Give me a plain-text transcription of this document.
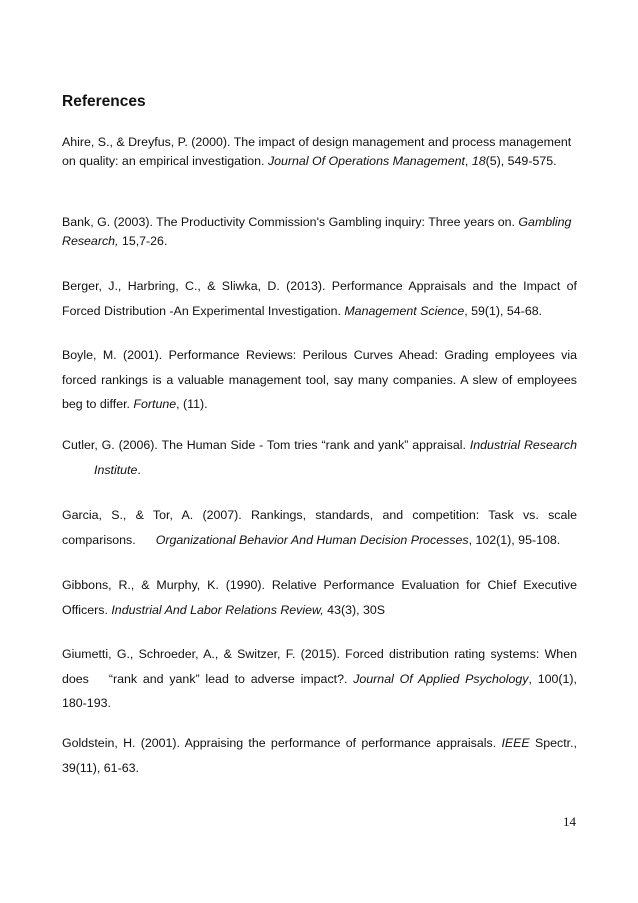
References

Ahire, S., & Dreyfus, P. (2000). The impact of design management and process management on quality: an empirical investigation. Journal Of Operations Management, 18(5), 549-575.

Bank, G. (2003). The Productivity Commission's Gambling inquiry: Three years on. Gambling Research, 15,7-26.

Berger, J., Harbring, C., & Sliwka, D. (2013). Performance Appraisals and the Impact of Forced Distribution -An Experimental Investigation. Management Science, 59(1), 54-68.

Boyle, M. (2001). Performance Reviews: Perilous Curves Ahead: Grading employees via forced rankings is a valuable management tool, say many companies. A slew of employees beg to differ. Fortune, (11).

Cutler, G. (2006). The Human Side - Tom tries “rank and yank” appraisal. Industrial ResearchInstitute.

Garcia, S., & Tor, A. (2007). Rankings, standards, and competition: Task vs. scale comparisons. Organizational Behavior And Human Decision Processes, 102(1), 95-108.

Gibbons, R., & Murphy, K. (1990). Relative Performance Evaluation for Chief Executive Officers. Industrial And Labor Relations Review, 43(3), 30S

Giumetti, G., Schroeder, A., & Switzer, F. (2015). Forced distribution rating systems: When does “rank and yank” lead to adverse impact?. Journal Of Applied Psychology, 100(1), 180-193.

Goldstein, H. (2001). Appraising the performance of performance appraisals. IEEE Spectr., 39(11), 61-63.

14
